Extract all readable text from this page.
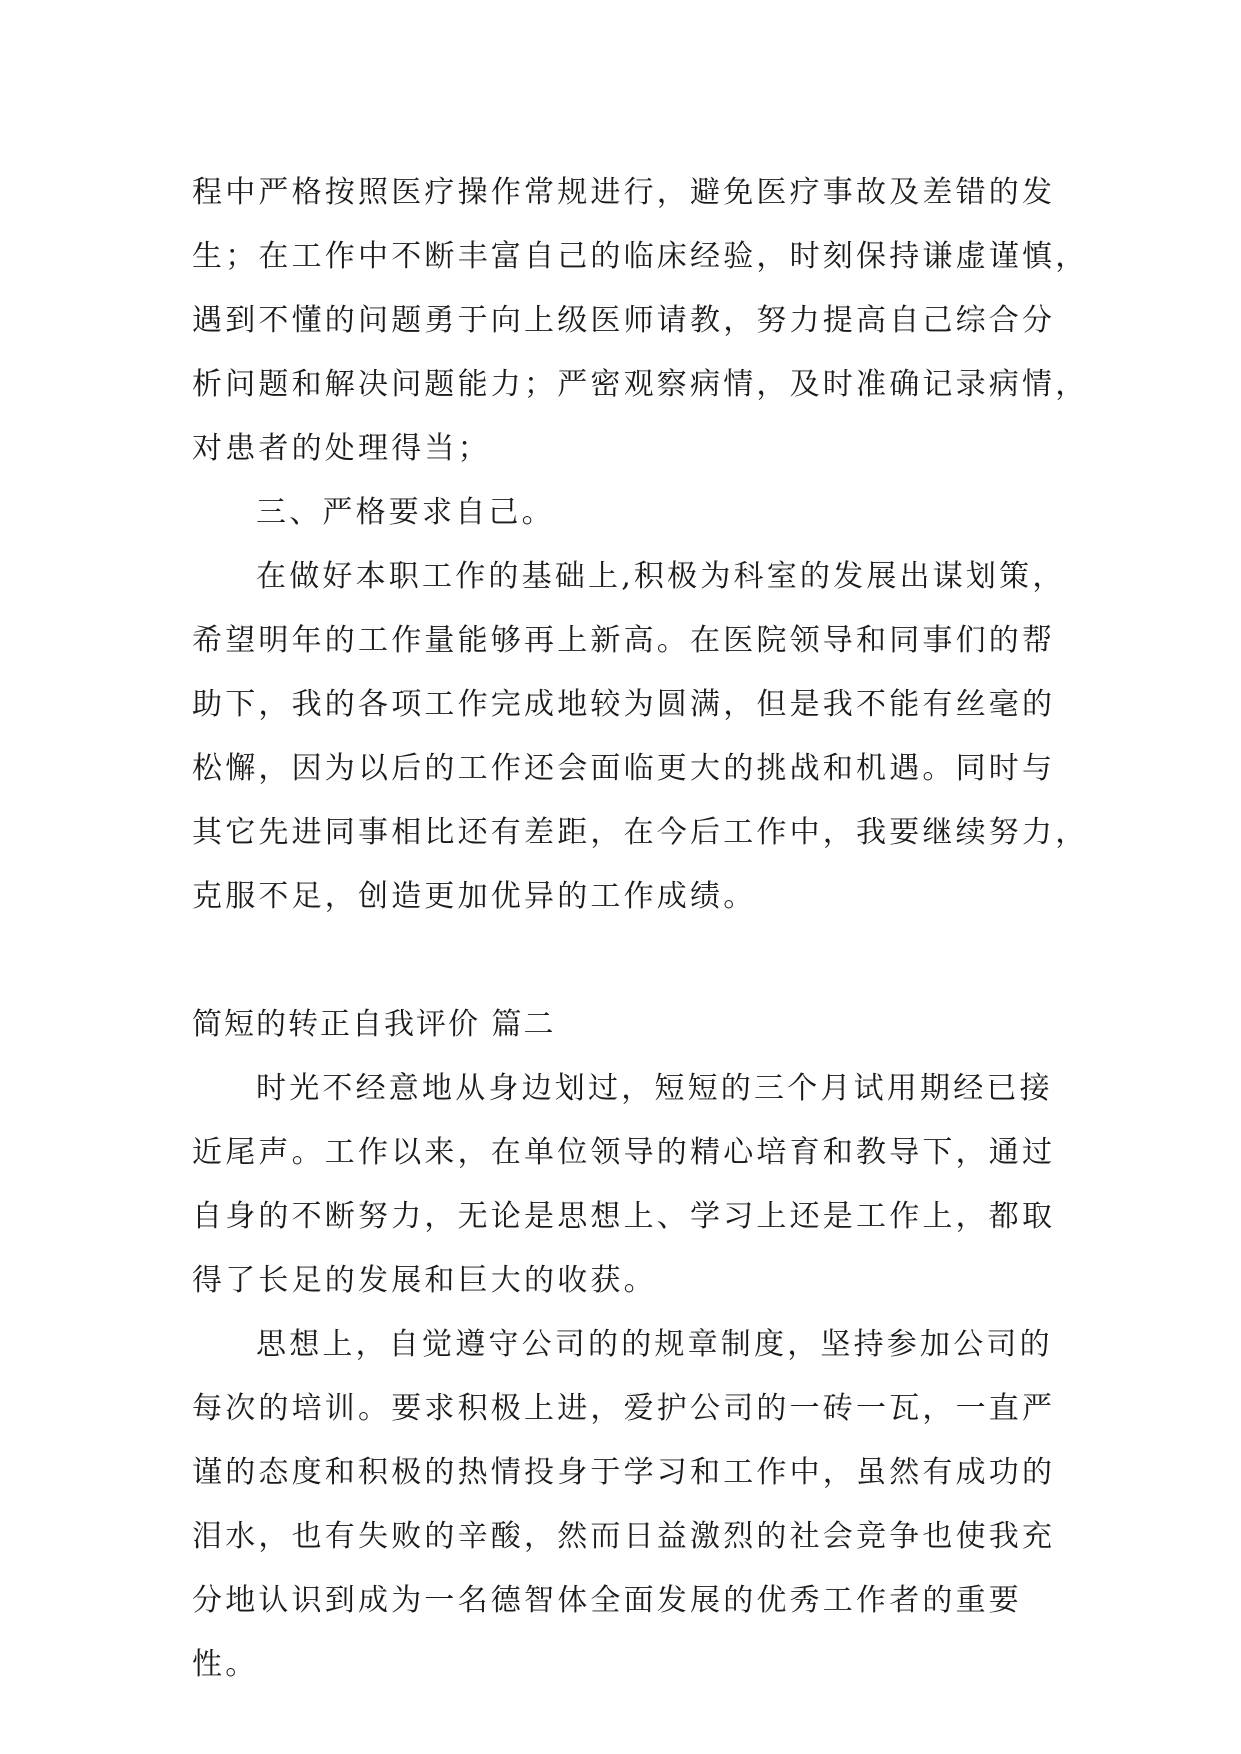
程中严格按照医疗操作常规进行，避免医疗事故及差错的发
生；在工作中不断丰富自己的临床经验，时刻保持谦虚谨慎，
遇到不懂的问题勇于向上级医师请教，努力提高自己综合分
析问题和解决问题能力；严密观察病情，及时准确记录病情，
对患者的处理得当；
三、严格要求自己。
在做好本职工作的基础上,积极为科室的发展出谋划策，
希望明年的工作量能够再上新高。在医院领导和同事们的帮
助下，我的各项工作完成地较为圆满，但是我不能有丝毫的
松懈，因为以后的工作还会面临更大的挑战和机遇。同时与
其它先进同事相比还有差距，在今后工作中，我要继续努力，
克服不足，创造更加优异的工作成绩。
简短的转正自我评价 篇二
时光不经意地从身边划过，短短的三个月试用期经已接
近尾声。工作以来，在单位领导的精心培育和教导下，通过
自身的不断努力，无论是思想上、学习上还是工作上，都取
得了长足的发展和巨大的收获。
思想上，自觉遵守公司的的规章制度，坚持参加公司的
每次的培训。要求积极上进，爱护公司的一砖一瓦，一直严
谨的态度和积极的热情投身于学习和工作中，虽然有成功的
泪水，也有失败的辛酸，然而日益激烈的社会竞争也使我充
分地认识到成为一名德智体全面发展的优秀工作者的重要
性。
